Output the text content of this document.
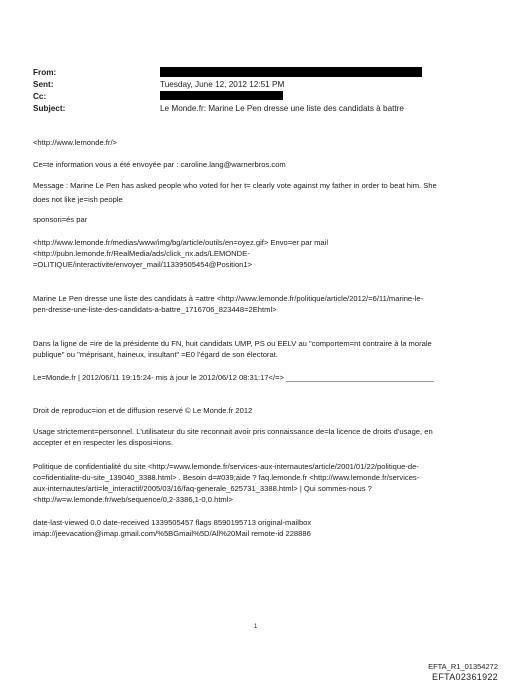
From:
Sent:	Tuesday, June 12, 2012 12:51 PM
Cc:
Subject:	Le Monde.fr: Marine Le Pen dresse une liste des candidats à battre
<http://www.lemonde.fr/>
Ce=te information vous a été envoyée par : caroline.lang@warnerbros.com
Message : Marine Le Pen has asked people who voted for her t= clearly vote against my father in order to beat him. She
does not like je=ish people
sponsori=és par
<http://www.lemonde.fr/medias/www/img/bg/article/outils/en=oyez.gif> Envo=er par mail
<http://pubn.lemonde.fr/RealMedia/ads/click_nx.ads/LEMONDE-
=OLITIQUE/interactivite/envoyer_mail/11339505454@Position1>
Marine Le Pen dresse une liste des candidats à =attre <http://www.lemonde.fr/politique/article/2012/=6/11/marine-le-
pen-dresse-une-liste-des-candidats-a-battre_1716706_823448=2Ehtml>
Dans la ligne de =ire de la présidente du FN, huit candidats UMP, PS ou EELV au "comportem=nt contraire à la morale
publique" ou "méprisant, haineux, insultant" =E0 l'égard de son électorat.
Le=Monde.fr | 2012/06/11 19:15:24- mis à jour le 2012/06/12 08:31:17</=> ___________________________________
Droit de reproduc=ion et de diffusion reservé © Le Monde.fr 2012
Usage strictement=personnel. L'utilisateur du site reconnait avoir pris connaissance de=la licence de droits d'usage, en
accepter et en respecter les disposi=ions.
Politique de confidentialité du site <http:/=www.lemonde.fr/services-aux-internautes/article/2001/01/22/politique-de-
co=fidentialite-du-site_139040_3388.html> . Besoin d=#039;aide ? faq.lemonde.fr <http://www.lemonde.fr/services-
aux-internautes/arti=le_interactif/2005/03/16/faq-generale_625731_3388.html> | Qui sommes-nous ?
<http://w=w.lemonde.fr/web/sequence/0,2-3386,1-0,0.html>
date-last-viewed 0.0 date-received 1339505457 flags 8590195713 original-mailbox
imap://jeevacation@imap.gmail.com/%5BGmail%5D/All%20Mail remote-id 228886
1
EFTA_R1_01354272
EFTA02361922
